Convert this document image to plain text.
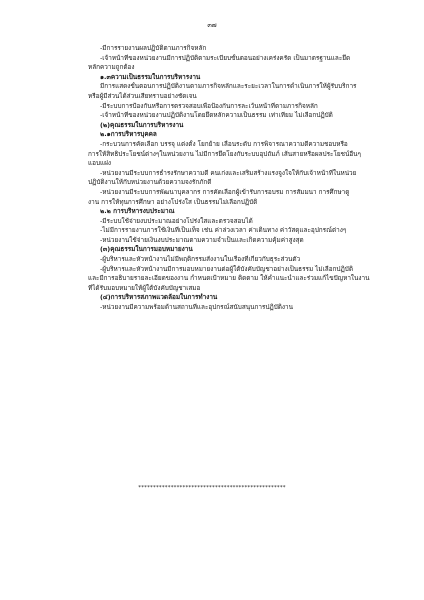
๓๗
-มีการรายงานผลปฏิบัติตามภารกิจหลัก
-เจ้าหน้าที่ของหน่วยงานมีการปฏิบัติตามระเบียบขั้นตอนอย่างเคร่งครัด เป็นมาตรฐานและยึด
หลักความถูกต้อง
๑.๓ความเป็นธรรมในการบริหารงาน
มีการแสดงขั้นตอนการปฏิบัติงานตามภารกิจหลักและระยะเวลาในการดำเนินการให้ผู้รับบริการ
หรือผู้มีส่วนได้ส่วนเสียทราบอย่างชัดเจน
-มีระบบการป้องกันหรือการตรวจสอบเพื่อป้องกันการละเว้นหน้าที่ตามภารกิจหลัก
-เจ้าหน้าที่ของหน่วยงานปฏิบัติงานโดยยึดหลักความเป็นธรรม เท่าเทียม ไม่เลือกปฏิบัติ
(๒)คุณธรรมในการบริหารงาน
๒.๑การบริหารบุคคล
-กระบวนการคัดเลือก บรรจุ แต่งตั้ง โยกย้าย เลื่อนระดับ การพิจารณาความดีความชอบหรือ
การให้สิทธิประโยชน์ต่างๆในหน่วยงาน ไม่มีการยึดโยงกับระบบอุปถัมภ์ เส้นสายหรือผลประโยชน์อื่นๆ
แอบแฝง
-หน่วยงานมีระบบการธำรงรักษาความดี คนเก่งและเสริมสร้างแรงจูงใจให้กับเจ้าหน้าที่ในหน่วย
ปฏิบัติงานให้กับหน่วยงานด้วยความจงรักภักดี
-หน่วยงานมีระบบการพัฒนาบุคลากร การคัดเลือกผู้เข้ารับการอบรม การสัมมนา การศึกษาดู
งาน การให้ทุนการศึกษา อย่างโปร่งใส เป็นธรรมไม่เลือกปฏิบัติ
๒.๒ การบริหารงบประมาณ
-มีระบบใช้จ่ายงบประมาณอย่างโปร่งใสและตรวจสอบได้
-ไม่มีการรายงานการใช้เงินที่เป็นเท็จ เช่น ค่าล่วงเวลา ค่าเดินทาง ค่าวัสดุและอุปกรณ์ต่างๆ
-หน่วยงานใช้จ่ายเงินงบประมาณตามความจำเป็นและเกิดความคุ้มค่าสูงสุด
(๓)คุณธรรมในการมอบหมายงาน
-ผู้บริหารและหัวหน้างานไม่มีพฤติกรรมสั่งงานในเรื่องที่เกี่ยวกับธุระส่วนตัว
-ผู้บริหารและหัวหน้างานมีการมอบหมายงานต่อผู้ใต้บังคับบัญชาอย่างเป็นธรรม ไม่เลือกปฏิบัติ
และมีการอธิบายรายละเอียดของงาน กำหนดเป้าหมาย ติดตาม ให้คำแนะนำและร่วมแก้ไขปัญหาในงาน
ที่ได้รับมอบหมายให้ผู้ใต้บังคับบัญชาเสมอ
(๔)การบริหารสภาพแวดล้อมในการทำงาน
-หน่วยงานมีความพร้อมด้านสถานที่และอุปกรณ์สนับสนุนการปฏิบัติงาน
**************************************************
